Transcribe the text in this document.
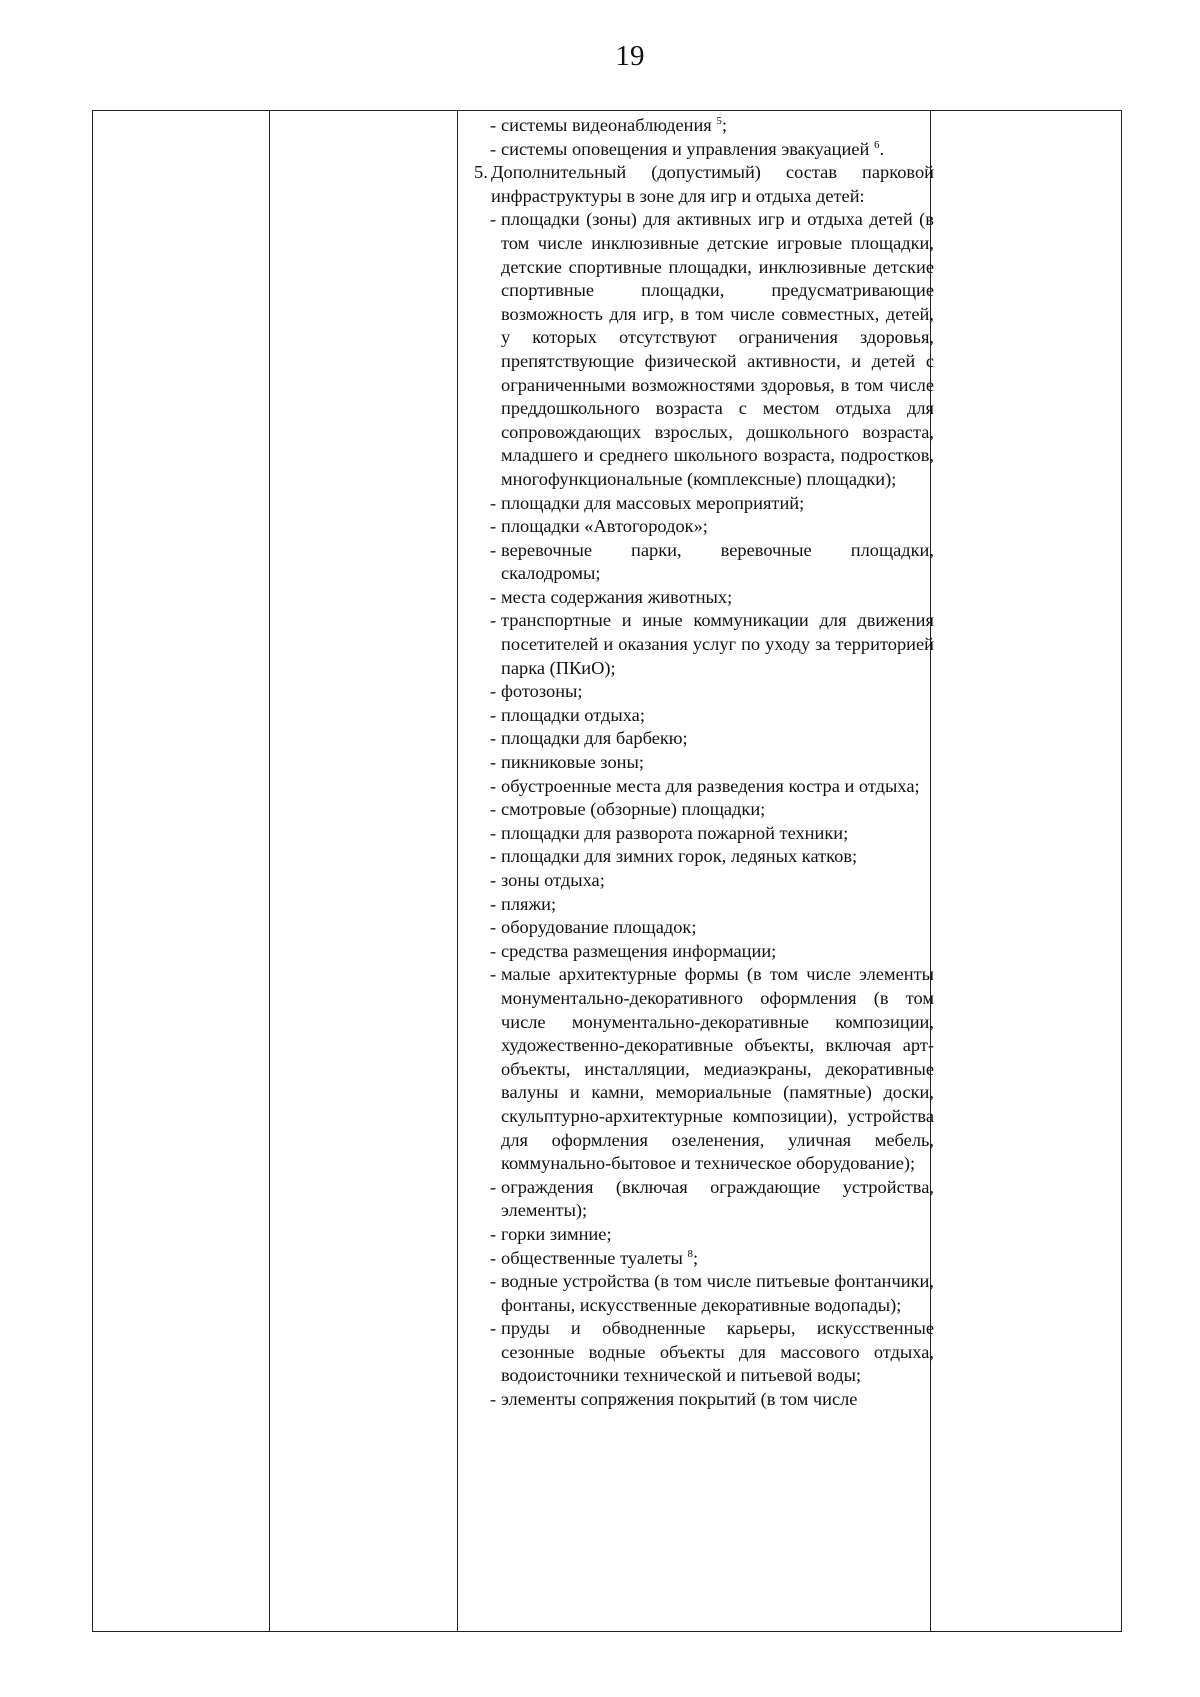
19
- системы видеонаблюдения $^5$;
- системы оповещения и управления эвакуацией $^6$.
5. Дополнительный (допустимый) состав парковой инфраструктуры в зоне для игр и отдыха детей:
- площадки (зоны) для активных игр и отдыха детей (в том числе инклюзивные детские игровые площадки, детские спортивные площадки, инклюзивные детские спортивные площадки, предусматривающие возможность для игр, в том числе совместных, детей, у которых отсутствуют ограничения здоровья, препятствующие физической активности, и детей с ограниченными возможностями здоровья, в том числе преддошкольного возраста с местом отдыха для сопровождающих взрослых, дошкольного возраста, младшего и среднего школьного возраста, подростков, многофункциональные (комплексные) площадки);
- площадки для массовых мероприятий;
- площадки «Автогородок»;
- веревочные парки, веревочные площадки, скалодромы;
- места содержания животных;
- транспортные и иные коммуникации для движения посетителей и оказания услуг по уходу за территорией парка (ПКиО);
- фотозоны;
- площадки отдыха;
- площадки для барбекю;
- пикниковые зоны;
- обустроенные места для разведения костра и отдыха;
- смотровые (обзорные) площадки;
- площадки для разворота пожарной техники;
- площадки для зимних горок, ледяных катков;
- зоны отдыха;
- пляжи;
- оборудование площадок;
- средства размещения информации;
- малые архитектурные формы (в том числе элементы монументально-декоративного оформления (в том числе монументально-декоративные композиции, художественно-декоративные объекты, включая арт-объекты, инсталляции, медиаэкраны, декоративные валуны и камни, мемориальные (памятные) доски, скульптурно-архитектурные композиции), устройства для оформления озеленения, уличная мебель, коммунально-бытовое и техническое оборудование);
- ограждения (включая ограждающие устройства, элементы);
- горки зимние;
- общественные туалеты $^8$;
- водные устройства (в том числе питьевые фонтанчики, фонтаны, искусственные декоративные водопады);
- пруды и обводненные карьеры, искусственные сезонные водные объекты для массового отдыха, водоисточники технической и питьевой воды;
- элементы сопряжения покрытий (в том числе
